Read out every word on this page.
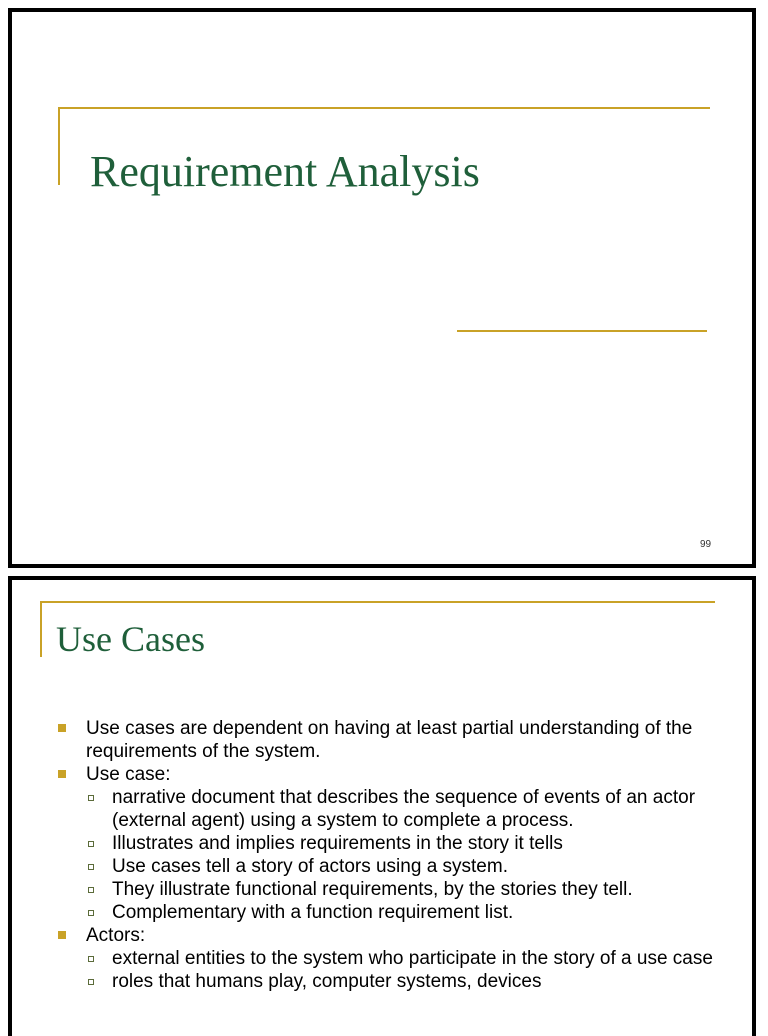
Requirement Analysis
99
Use Cases

Use cases are dependent on having at least partial understanding of the requirements of the system.

Use case:

narrative document that describes the sequence of events of an actor (external agent) using a system to complete a process.

Illustrates and implies requirements in the story it tells

Use cases tell a story of actors using a system.

They illustrate functional requirements, by the stories they tell.

Complementary with a function requirement list.

Actors:

external entities to the system who participate in the story of a use case

roles that humans play, computer systems, devices
